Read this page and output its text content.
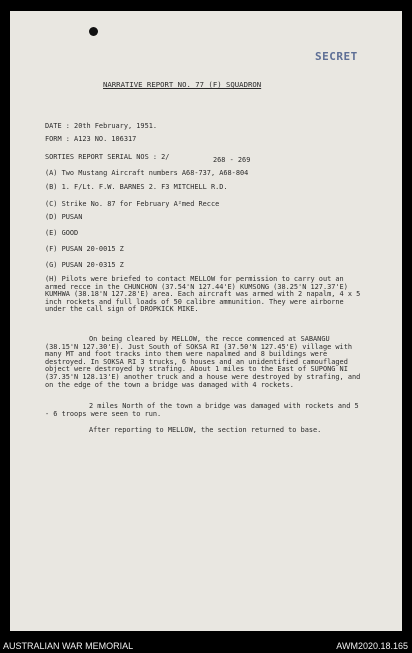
SECRET
NARRATIVE REPORT NO. 77 (F) SQUADRON
DATE : 20th February, 1951.
FORM : A123 NO. 106317
SORTIES REPORT SERIAL NOS : 2/	268 - 269
(A) Two Mustang Aircraft numbers A68-737, A68-804
(B) 1. F/Lt. F.W. BARNES 2. F3 MITCHELL R.D.
(C) Strike No. 87 for February A²med Recce
(D) PUSAN
(E) GOOD
(F) PUSAN 20-0015 Z
(G) PUSAN 20-0315 Z
(H) Pilots were briefed to contact MELLOW for permission to carry out an armed recce in the CHUNCHON (37.54'N 127.44'E) KUMSONG (38.25'N 127.37'E) KUMHWA (38.18'N 127.28'E) area. Each aircraft was armed with 2 napalm, 4 x 5 inch rockets and full loads of 50 calibre ammunition. They were airborne under the call sign of DROPKICK MIKE.
On being cleared by MELLOW, the recce commenced at SABANGU (38.15'N 127.30'E). Just South of SOKSA RI (37.50'N 127.45'E) village with many MT and foot tracks into them were napalmed and 8 buildings were destroyed. In SOKSA RI 3 trucks, 6 houses and an unidentified camouflaged object were destroyed by strafing. About 1 miles to the East of SUPONG NI (37.35'N 128.13'E) another truck and a house were destroyed by strafing, and on the edge of the town a bridge was damaged with 4 rockets.
2 miles North of the town a bridge was damaged with rockets and 5 - 6 troops were seen to run.
After reporting to MELLOW, the section returned to base.
AUSTRALIAN WAR MEMORIAL	AWM2020.18.165
